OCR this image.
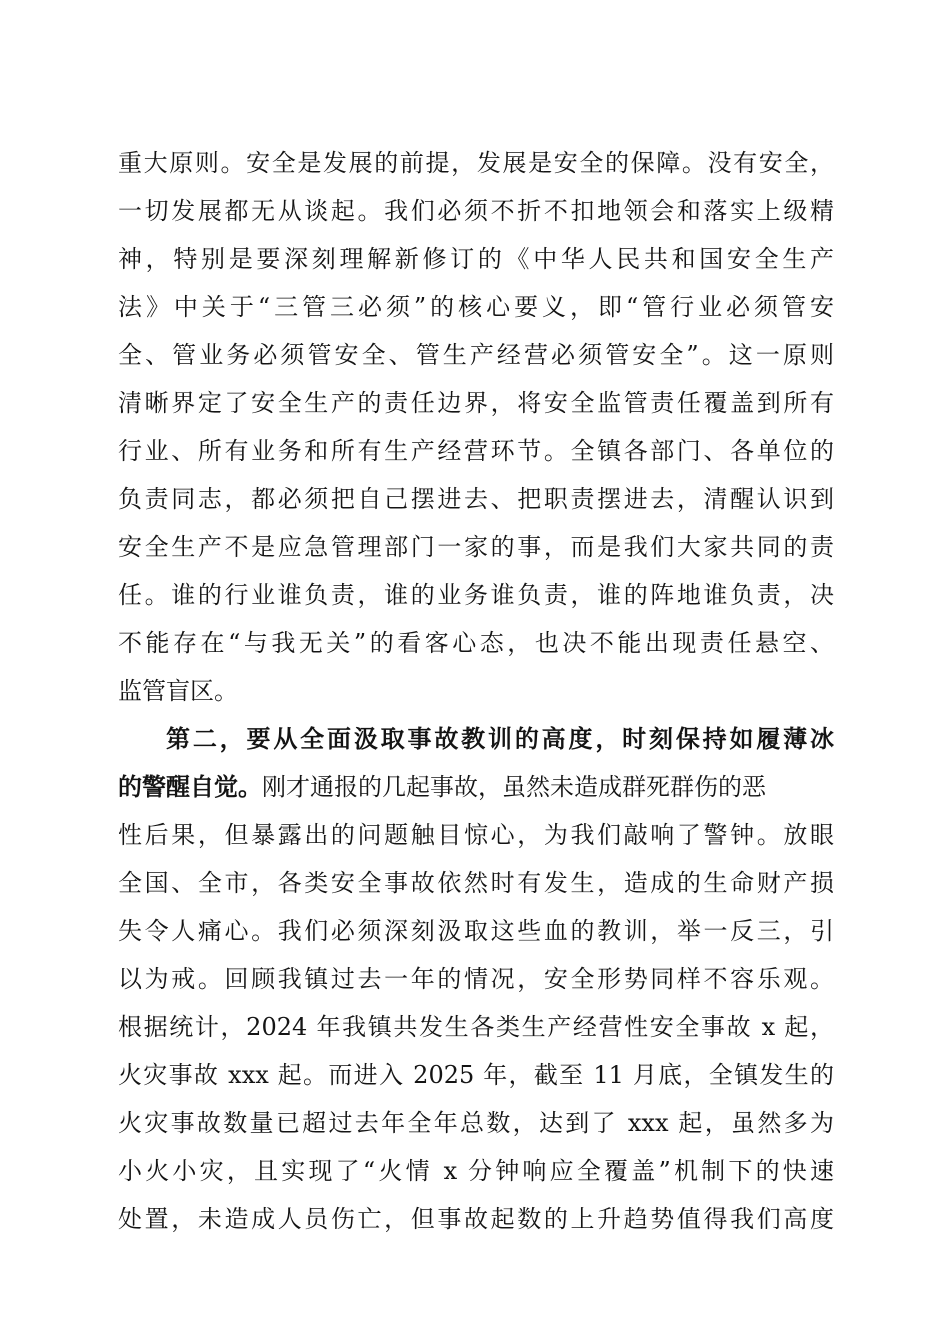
重大原则。安全是发展的前提，发展是安全的保障。没有安全，
一切发展都无从谈起。我们必须不折不扣地领会和落实上级精
神，特别是要深刻理解新修订的《中华人民共和国安全生产
法》中关于“三管三必须”的核心要义，即“管行业必须管安
全、管业务必须管安全、管生产经营必须管安全”。这一原则
清晰界定了安全生产的责任边界，将安全监管责任覆盖到所有
行业、所有业务和所有生产经营环节。全镇各部门、各单位的
负责同志，都必须把自己摆进去、把职责摆进去，清醒认识到
安全生产不是应急管理部门一家的事，而是我们大家共同的责
任。谁的行业谁负责，谁的业务谁负责，谁的阵地谁负责，决
不能存在“与我无关”的看客心态，也决不能出现责任悬空、
监管盲区。
第二，要从全面汲取事故教训的高度，时刻保持如履薄冰
的警醒自觉。刚才通报的几起事故，虽然未造成群死群伤的恶
性后果，但暴露出的问题触目惊心，为我们敲响了警钟。放眼
全国、全市，各类安全事故依然时有发生，造成的生命财产损
失令人痛心。我们必须深刻汲取这些血的教训，举一反三，引
以为戒。回顾我镇过去一年的情况，安全形势同样不容乐观。
根据统计，2024 年我镇共发生各类生产经营性安全事故 x 起，
火灾事故 xxx 起。而进入 2025 年，截至 11 月底，全镇发生的
火灾事故数量已超过去年全年总数，达到了 xxx 起，虽然多为
小火小灾，且实现了“火情 x 分钟响应全覆盖”机制下的快速
处置，未造成人员伤亡，但事故起数的上升趋势值得我们高度
